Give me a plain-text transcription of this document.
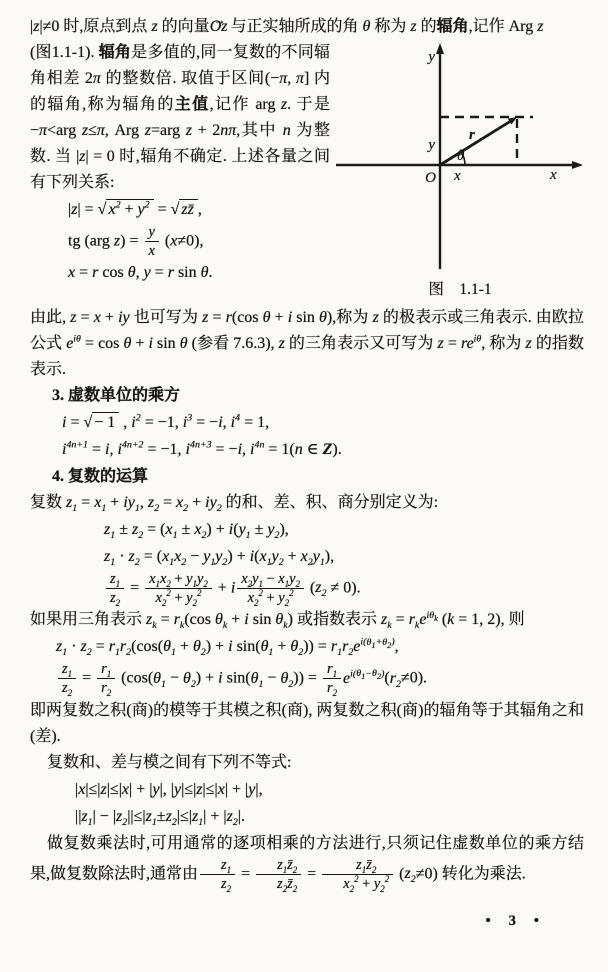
|z|≠0 时,原点到点 z 的向量Oz → 与正实轴所成的角 θ 称为 z 的辐角,记作 Arg z

y
x
y
x
O
r
θ
图　1.1-1

(图1.1-1). 辐角是多值的,同一复数的不同辐角相差 2π 的整数倍. 取值于区间(−π, π] 内的辐角,称为辐角的主值,记作 arg z. 于是 −π<arg z≤π, Arg z=arg z + 2nπ,其中 n 为整数. 当 |z| = 0 时,辐角不确定. 上述各量之间有下列关系:

|z| = √ $x^2 + y^2$ = √ zz̄ ,
tg (arg $z) = \frac{y}{x} (x\ne 0)$,
x = r cos θ, y = r sin θ.

由此, z = x + iy 也可写为 z = r(cos θ + i sin θ),称为 z 的极表示或三角表示. 由欧拉公式 $e^{i\theta} = \cos \theta + i$ sin θ (参看 7.6.3), z 的三角表示又可写为 $z = re^{i\theta}$, 称为 z 的指数表示.

3. 虚数单位的乘方

i = √ − 1 , $i^2 = -1$, $i^3 = -i$, $i^4 = 1$,
$i^{4n+1} = i$, $i^{4n+2} = -1$, $i^{4n+3} = -i$, $i^{4n} = 1(n$ ∈ Z).

4. 复数的运算

复数 $z_1 = x_1 + iy_1$, $z_2 = x_2 + iy_2$ 的和、差、积、商分别定义为:

$z_1 \pm z_2 = (x_1 \pm x_2) + i(y_1 \pm y_2)$,
$z_1 \cdot z_2 = (x_1x_2 - y_1y_2) + i(x_1y_2 + x_2y_1)$,
$\frac{z_1}{z_2} = \frac{x_1x_2 + y_1y_2}{x_2^2 + y_2^2} + i \frac{x_2y_1 - x_1y_2}{x_2^2 + y_2^2} (z_2 \ne 0)$.

如果用三角表示 $z_k = r_k(\cos$ $\theta_k + i$ $\sin \theta_k$) 或指数表示 $z_k = r_ke^{i\theta_k}$ (k = 1, 2), 则

$z_1 \cdot z_2 = r_1r_2(\cos(\theta_1 + \theta_2) + i$ $\sin(\theta_1 + \theta_2)) = r_1r_2e^{i(\theta_1+\theta_2)}$,
$\frac{z_1}{z_2} = \frac{r_1}{r_2} (\cos(\theta_1 - \theta_2) + i$ $\sin(\theta_1 - \theta_2)) = \frac{r_1}{r_2} e^{i(\theta_1-\theta_2)}(r_2\ne 0)$.

即两复数之积(商)的模等于其模之积(商), 两复数之积(商)的辐角等于其辐角之和(差).

复数和、差与模之间有下列不等式:

|x|≤|z|≤|x| + |y|, |y|≤|z|≤|x| + |y|,
$||z_1| - |z_2||\le|z_1\pm z_2|\le|z_1| + |z_2|$.

做复数乘法时,可用通常的逐项相乘的方法进行,只须记住虚数单位的乘方结果,做复数除法时,通常由 $\frac{z_1}{z_2} = \frac{z_1z̄_2}{z_2z̄_2} = \frac{z_1z̄_2}{x_2^2 + y_2^2} (z_2\ne 0)$ 转化为乘法.

• 3 •
